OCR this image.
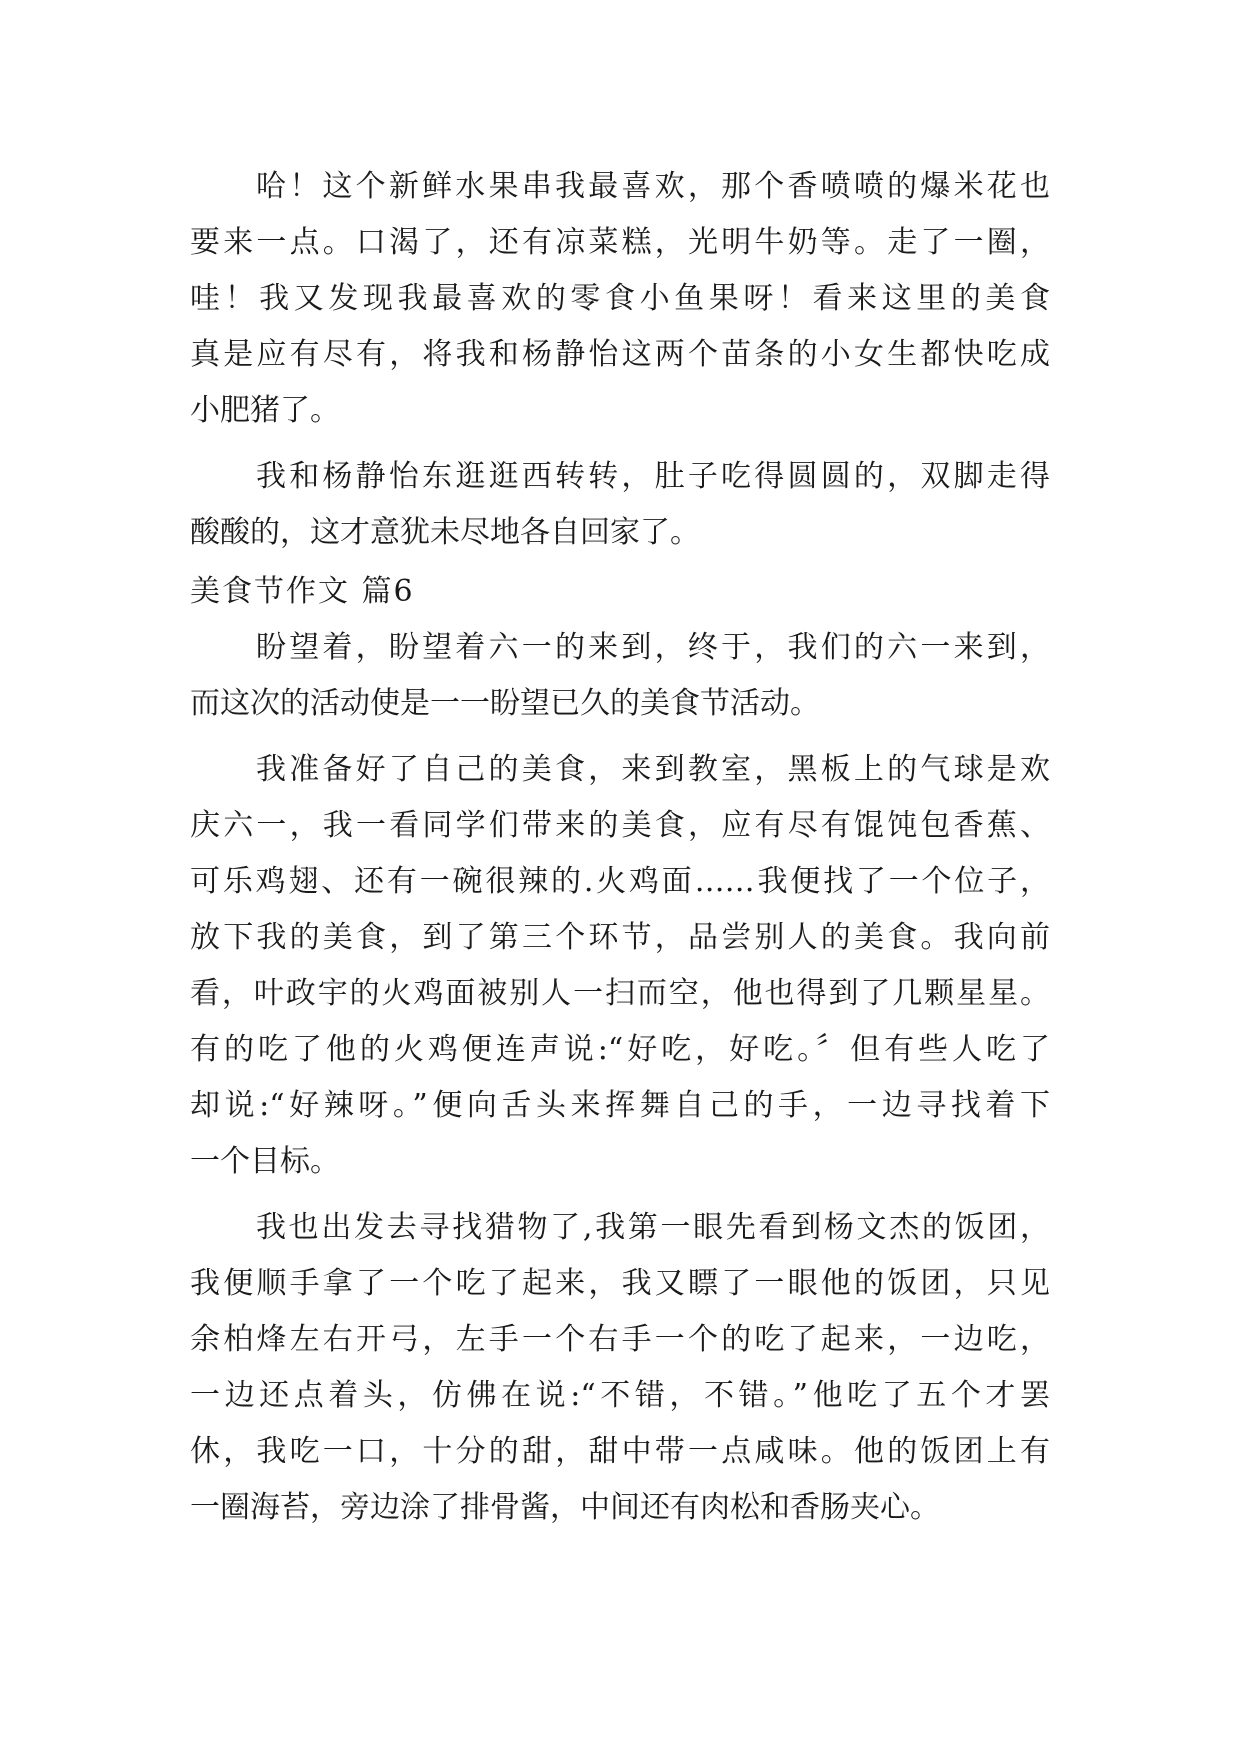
哈！这个新鲜水果串我最喜欢，那个香喷喷的爆米花也
要来一点。口渴了，还有凉菜糕，光明牛奶等。走了一圈，
哇！我又发现我最喜欢的零食小鱼果呀！看来这里的美食
真是应有尽有，将我和杨静怡这两个苗条的小女生都快吃成
小肥猪了。
我和杨静怡东逛逛西转转，肚子吃得圆圆的，双脚走得
酸酸的，这才意犹未尽地各自回家了。
美食节作文 篇6
盼望着，盼望着六一的来到，终于，我们的六一来到，
而这次的活动使是一一盼望已久的美食节活动。
我准备好了自己的美食，来到教室，黑板上的气球是欢
庆六一，我一看同学们带来的美食，应有尽有馄饨包香蕉、
可乐鸡翅、还有一碗很辣的.火鸡面……我便找了一个位子，
放下我的美食，到了第三个环节，品尝别人的美食。我向前
看，叶政宇的火鸡面被别人一扫而空，他也得到了几颗星星。
有的吃了他的火鸡便连声说:“好吃，好吃。〞但有些人吃了
却说:“好辣呀。”便向舌头来挥舞自己的手，一边寻找着下
一个目标。
我也出发去寻找猎物了,我第一眼先看到杨文杰的饭团，
我便顺手拿了一个吃了起来，我又瞟了一眼他的饭团，只见
余柏烽左右开弓，左手一个右手一个的吃了起来，一边吃，
一边还点着头，仿佛在说:“不错，不错。”他吃了五个才罢
休，我吃一口，十分的甜，甜中带一点咸味。他的饭团上有
一圈海苔，旁边涂了排骨酱，中间还有肉松和香肠夹心。
